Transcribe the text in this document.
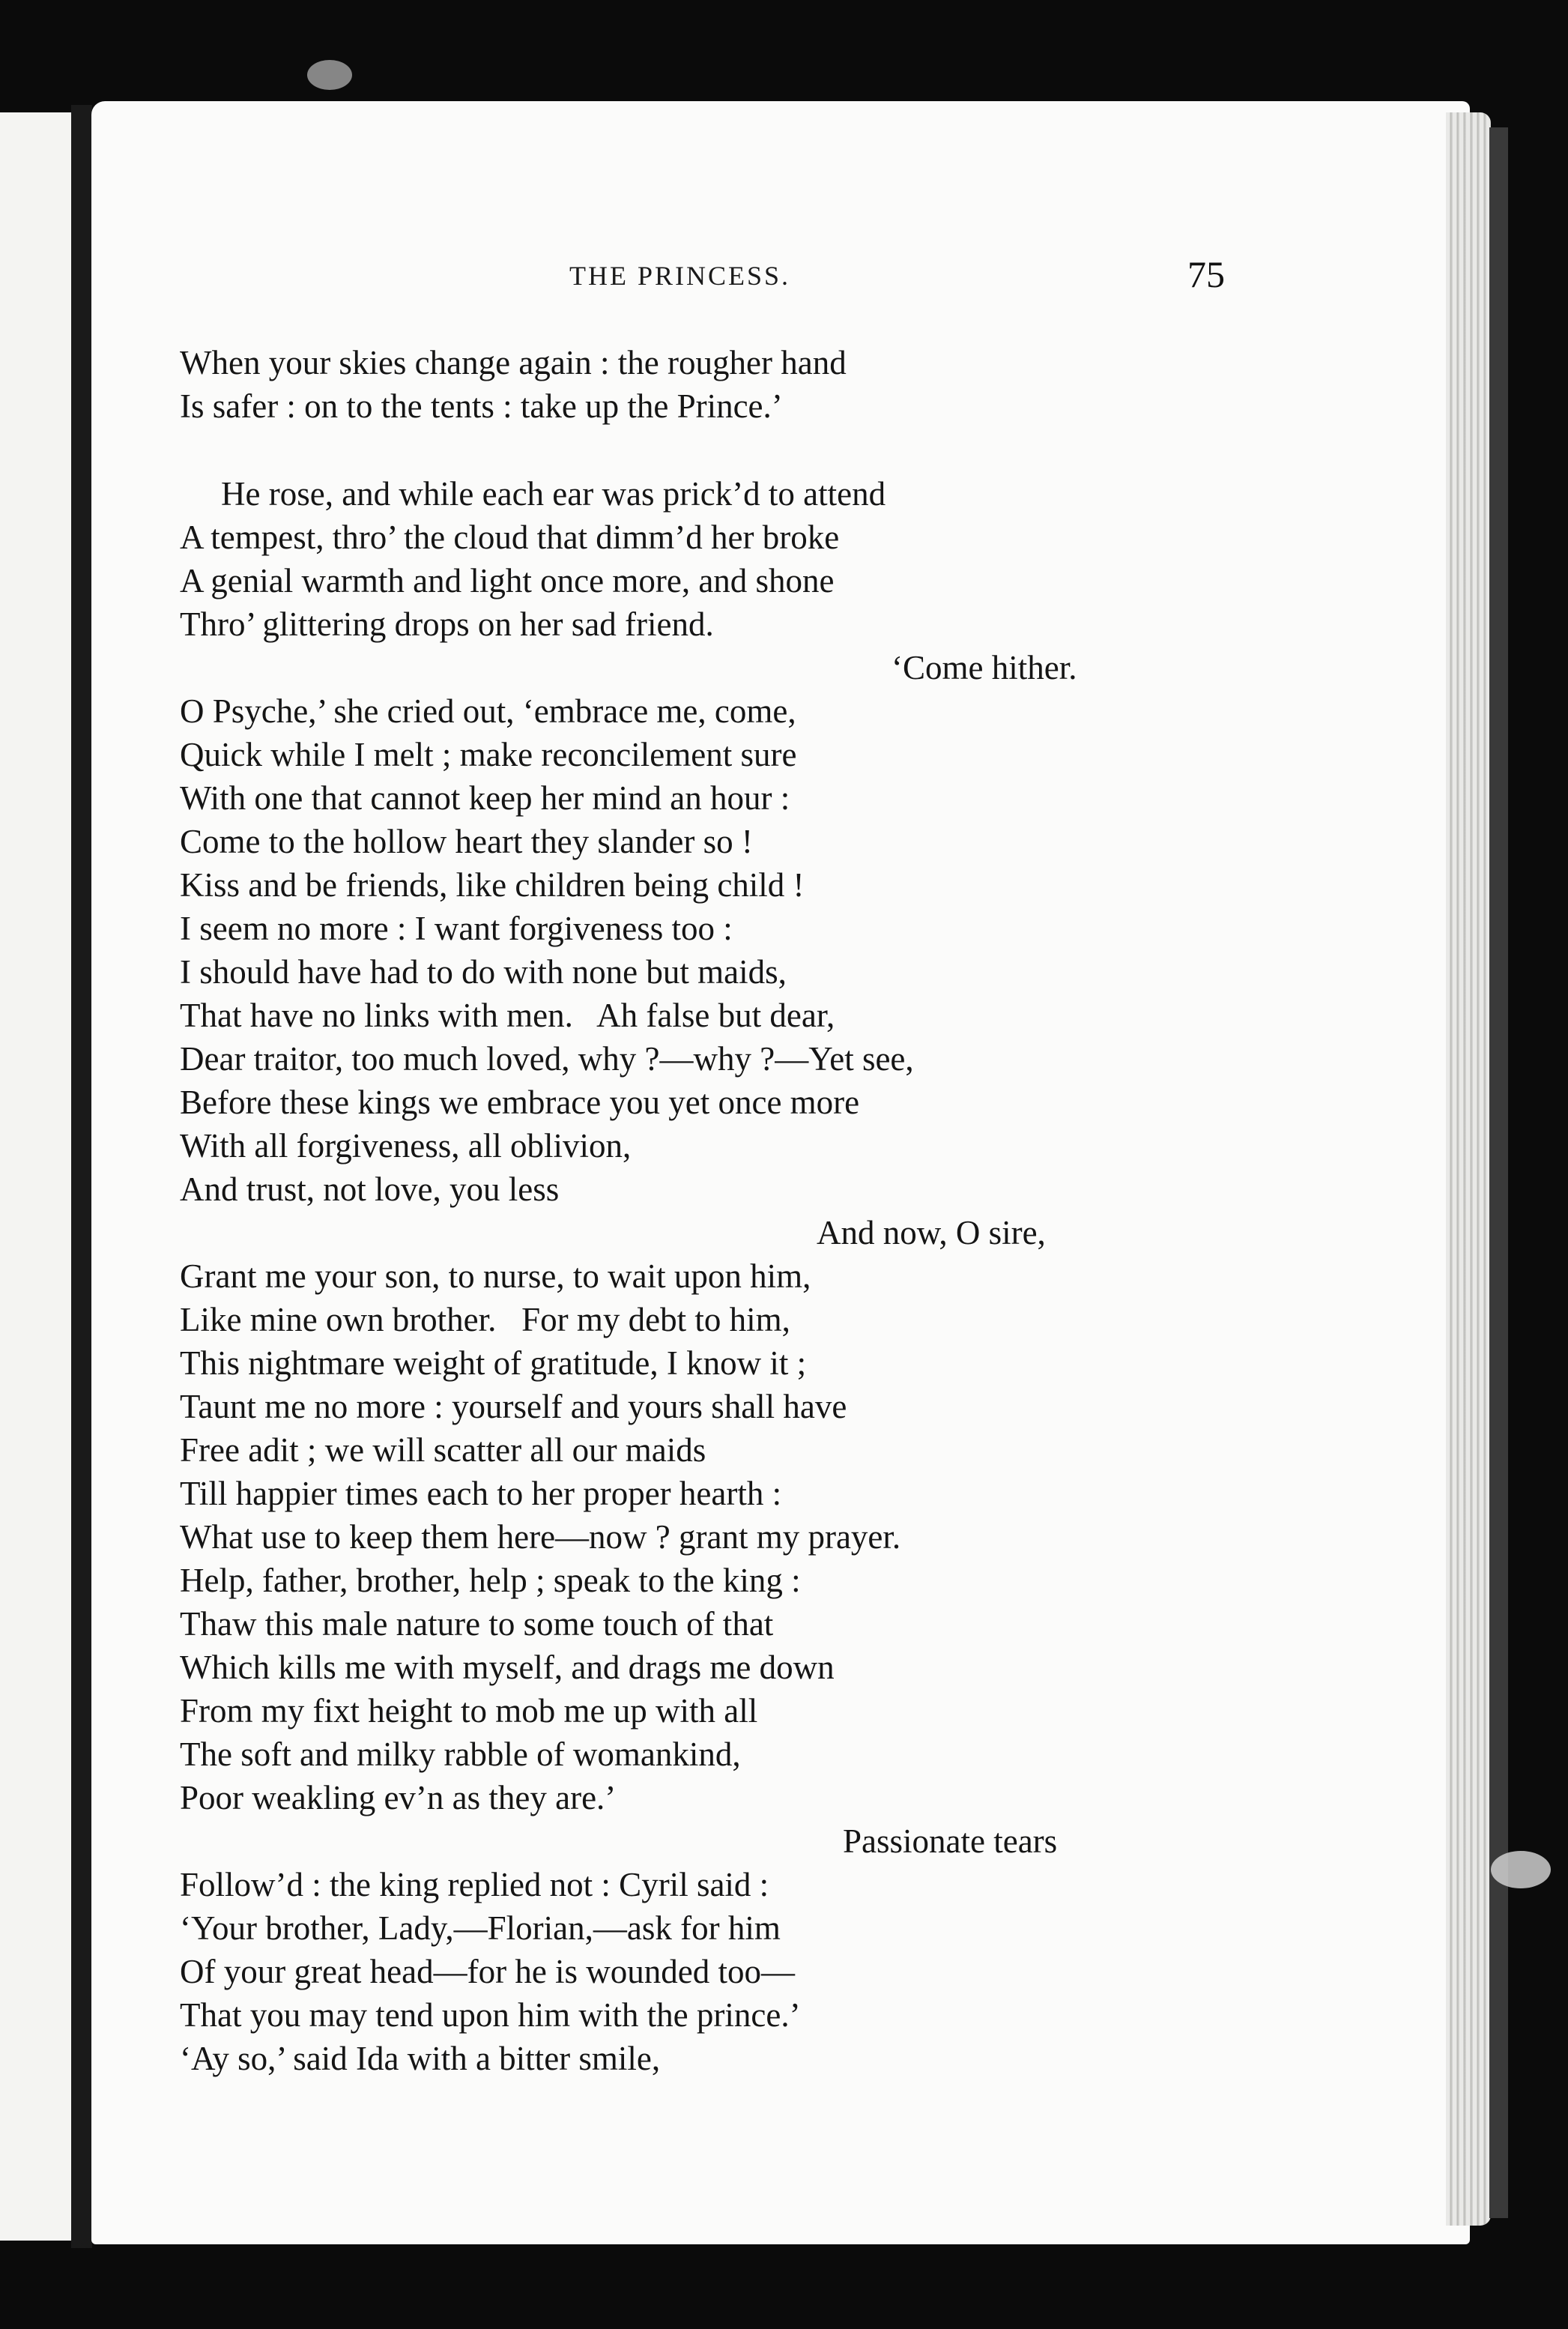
THE PRINCESS.	75
When your skies change again : the rougher hand
Is safer : on to the tents : take up the Prince.’
He rose, and while each ear was prick’d to attend
A tempest, thro’ the cloud that dimm’d her broke
A genial warmth and light once more, and shone
Thro’ glittering drops on her sad friend.
‘Come hither.
O Psyche,’ she cried out, ‘embrace me, come,
Quick while I melt ; make reconcilement sure
With one that cannot keep her mind an hour :
Come to the hollow heart they slander so !
Kiss and be friends, like children being child !
I seem no more : I want forgiveness too :
I should have had to do with none but maids,
That have no links with men.   Ah false but dear,
Dear traitor, too much loved, why ?—why ?—Yet see,
Before these kings we embrace you yet once more
With all forgiveness, all oblivion,
And trust, not love, you less
And now, O sire,
Grant me your son, to nurse, to wait upon him,
Like mine own brother.   For my debt to him,
This nightmare weight of gratitude, I know it ;
Taunt me no more : yourself and yours shall have
Free adit ; we will scatter all our maids
Till happier times each to her proper hearth :
What use to keep them here—now ? grant my prayer.
Help, father, brother, help ; speak to the king :
Thaw this male nature to some touch of that
Which kills me with myself, and drags me down
From my fixt height to mob me up with all
The soft and milky rabble of womankind,
Poor weakling ev’n as they are.’
Passionate tears
Follow’d : the king replied not : Cyril said :
‘Your brother, Lady,—Florian,—ask for him
Of your great head—for he is wounded too—
That you may tend upon him with the prince.’
‘Ay so,’ said Ida with a bitter smile,
